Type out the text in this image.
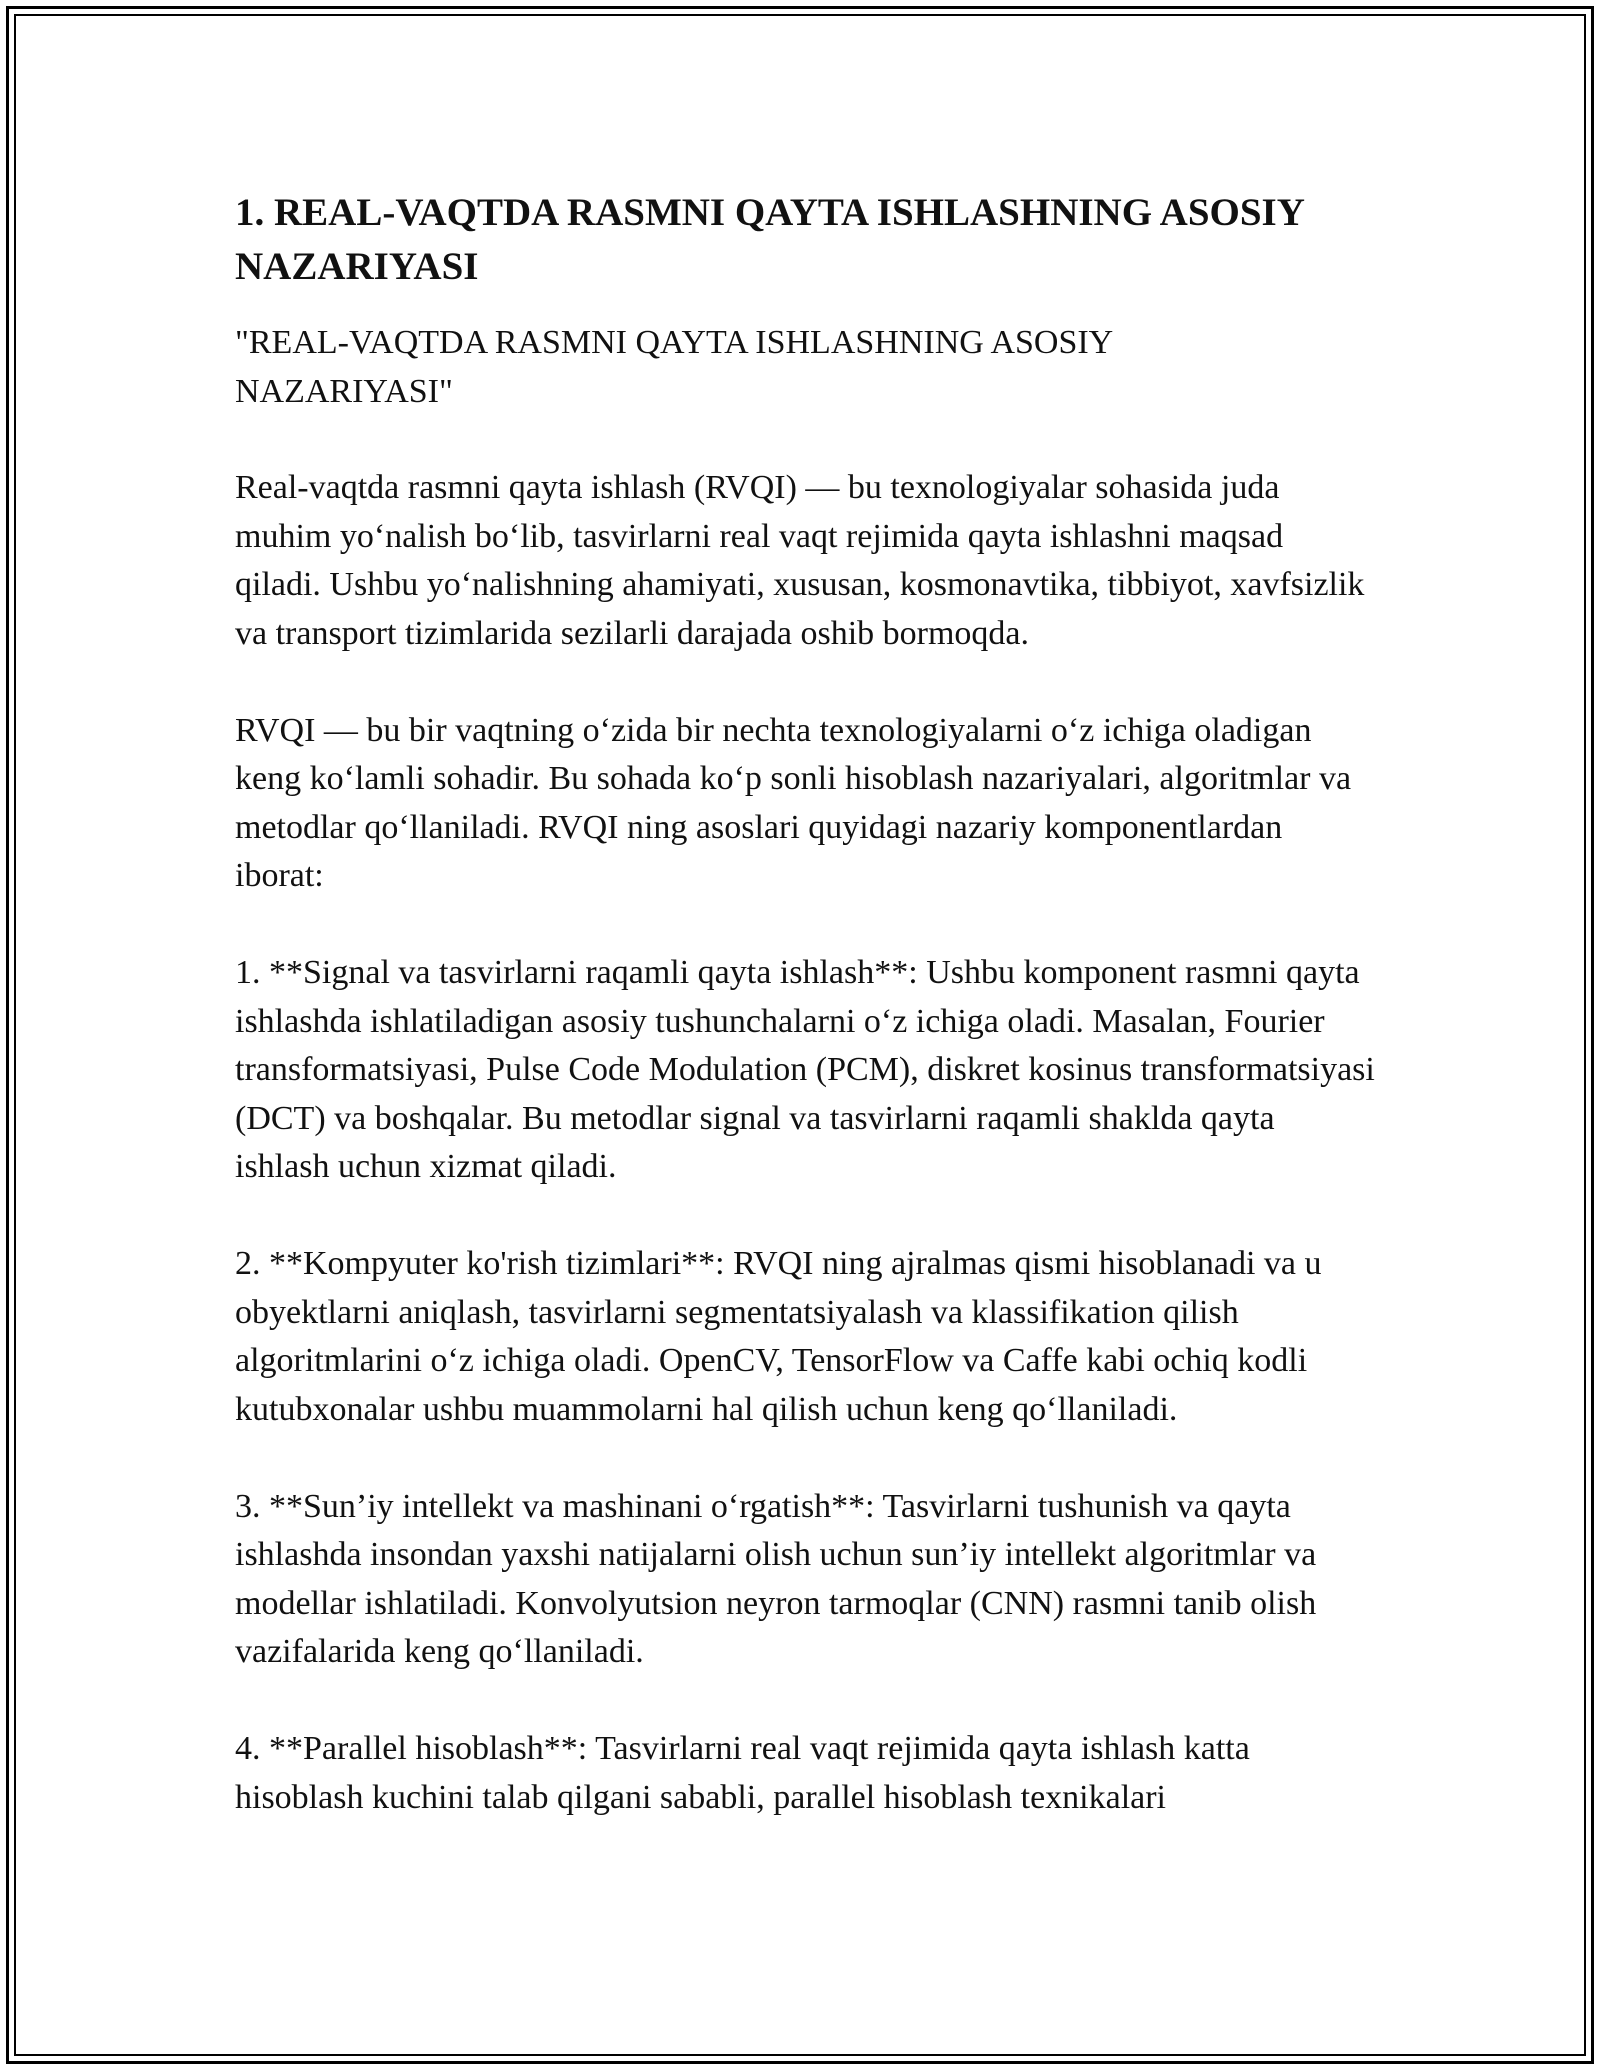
1. REAL-VAQTDA RASMNI QAYTA ISHLASHNING ASOSIY NAZARIYASI
"REAL-VAQTDA RASMNI QAYTA ISHLASHNING ASOSIY
NAZARIYASI"

Real-vaqtda rasmni qayta ishlash (RVQI) — bu texnologiyalar sohasida juda muhim yo‘nalish bo‘lib, tasvirlarni real vaqt rejimida qayta ishlashni maqsad qiladi. Ushbu yo‘nalishning ahamiyati, xususan, kosmonavtika, tibbiyot, xavfsizlik va transport tizimlarida sezilarli darajada oshib bormoqda.

RVQI — bu bir vaqtning o‘zida bir nechta texnologiyalarni o‘z ichiga oladigan keng ko‘lamli sohadir. Bu sohada ko‘p sonli hisoblash nazariyalari, algoritmlar va metodlar qo‘llaniladi. RVQI ning asoslari quyidagi nazariy komponentlardan iborat:

1. **Signal va tasvirlarni raqamli qayta ishlash**: Ushbu komponent rasmni qayta ishlashda ishlatiladigan asosiy tushunchalarni o‘z ichiga oladi. Masalan, Fourier transformatsiyasi, Pulse Code Modulation (PCM), diskret kosinus transformatsiyasi (DCT) va boshqalar. Bu metodlar signal va tasvirlarni raqamli shaklda qayta ishlash uchun xizmat qiladi.

2. **Kompyuter ko'rish tizimlari**: RVQI ning ajralmas qismi hisoblanadi va u obyektlarni aniqlash, tasvirlarni segmentatsiyalash va klassifikation qilish algoritmlarini o‘z ichiga oladi. OpenCV, TensorFlow va Caffe kabi ochiq kodli kutubxonalar ushbu muammolarni hal qilish uchun keng qo‘llaniladi.

3. **Sun’iy intellekt va mashinani o‘rgatish**: Tasvirlarni tushunish va qayta ishlashda insondan yaxshi natijalarni olish uchun sun’iy intellekt algoritmlar va modellar ishlatiladi. Konvolyutsion neyron tarmoqlar (CNN) rasmni tanib olish vazifalarida keng qo‘llaniladi.

4. **Parallel hisoblash**: Tasvirlarni real vaqt rejimida qayta ishlash katta hisoblash kuchini talab qilgani sababli, parallel hisoblash texnikalari
